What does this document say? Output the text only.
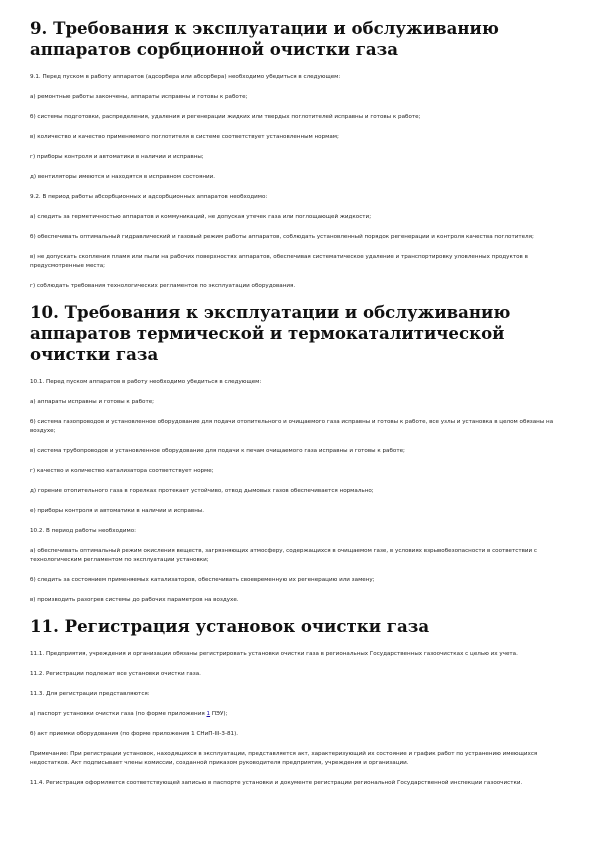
9. Требования к эксплуатации и обслуживанию аппаратов сорбционной очистки газа

9.1. Перед пуском в работу аппаратов (адсорбера или абсорбера) необходимо убедиться в следующем:

а) ремонтные работы закончены, аппараты исправны и готовы к работе;

б) системы подготовки, распределения, удаления и регенерации жидких или твердых поглотителей исправны и готовы к работе;

в) количество и качество применяемого поглотителя в системе соответствует установленным нормам;

г) приборы контроля и автоматики в наличии и исправны;

д) вентиляторы имеются и находятся в исправном состоянии.

9.2. В период работы абсорбционных и адсорбционных аппаратов необходимо:

а) следить за герметичностью аппаратов и коммуникаций, не допуская утечек газа или поглощающей жидкости;

б) обеспечивать оптимальный гидравлический и газовый режим работы аппаратов, соблюдать установленный порядок регенерации и контроля качества поглотителя;

в) не допускать скопления пламя или пыли на рабочих поверхностях аппаратов, обеспечивая систематическое удаление и транспортировку уловленных продуктов в предусмотренные места;

г) соблюдать требования технологических регламентов по эксплуатации оборудования.

10. Требования к эксплуатации и обслуживанию аппаратов термической и термокаталитической очистки газа

10.1. Перед пуском аппаратов в работу необходимо убедиться в следующем:

а) аппараты исправны и готовы к работе;

б) система газопроводов и установленное оборудование для подачи отопительного и очищаемого газа исправны и готовы к работе, все узлы и установка в целом обязаны на воздухе;

в) система трубопроводов и установленное оборудование для подачи к печам очищаемого газа исправны и готовы к работе;

г) качество и количество катализатора соответствует норме;

д) горение отопительного газа в горелках протекает устойчиво, отвод дымовых газов обеспечивается нормально;

е) приборы контроля и автоматики в наличии и исправны.

10.2. В период работы необходимо:

а) обеспечивать оптимальный режим окисления веществ, загрязняющих атмосферу, содержащихся в очищаемом газе, в условиях взрывобезопасности в соответствии с технологическим регламентом по эксплуатации установки;

б) следить за состоянием применяемых катализаторов, обеспечивать своевременную их регенерацию или замену;

в) производить разогрев системы до рабочих параметров на воздухе.

11. Регистрация установок очистки газа

11.1. Предприятия, учреждения и организации обязаны регистрировать установки очистки газа в региональных Государственных газоочистках с целью их учета.

11.2. Регистрации подлежат все установки очистки газа.

11.3. Для регистрации представляются:

а) паспорт установки очистки газа (по форме приложения 1 ПЭУ);

б) акт приемки оборудования (по форме приложения 1 СНиП-III-3-81).

Примечание: При регистрации установок, находящихся в эксплуатации, представляется акт, характеризующий их состояние и график работ по устранению имеющихся недостатков. Акт подписывает члены комиссии, созданной приказом руководителя предприятия, учреждения и организации.

11.4. Регистрация оформляется соответствующей записью в паспорте установки и документе регистрации региональной Государственной инспекции газоочистки.
